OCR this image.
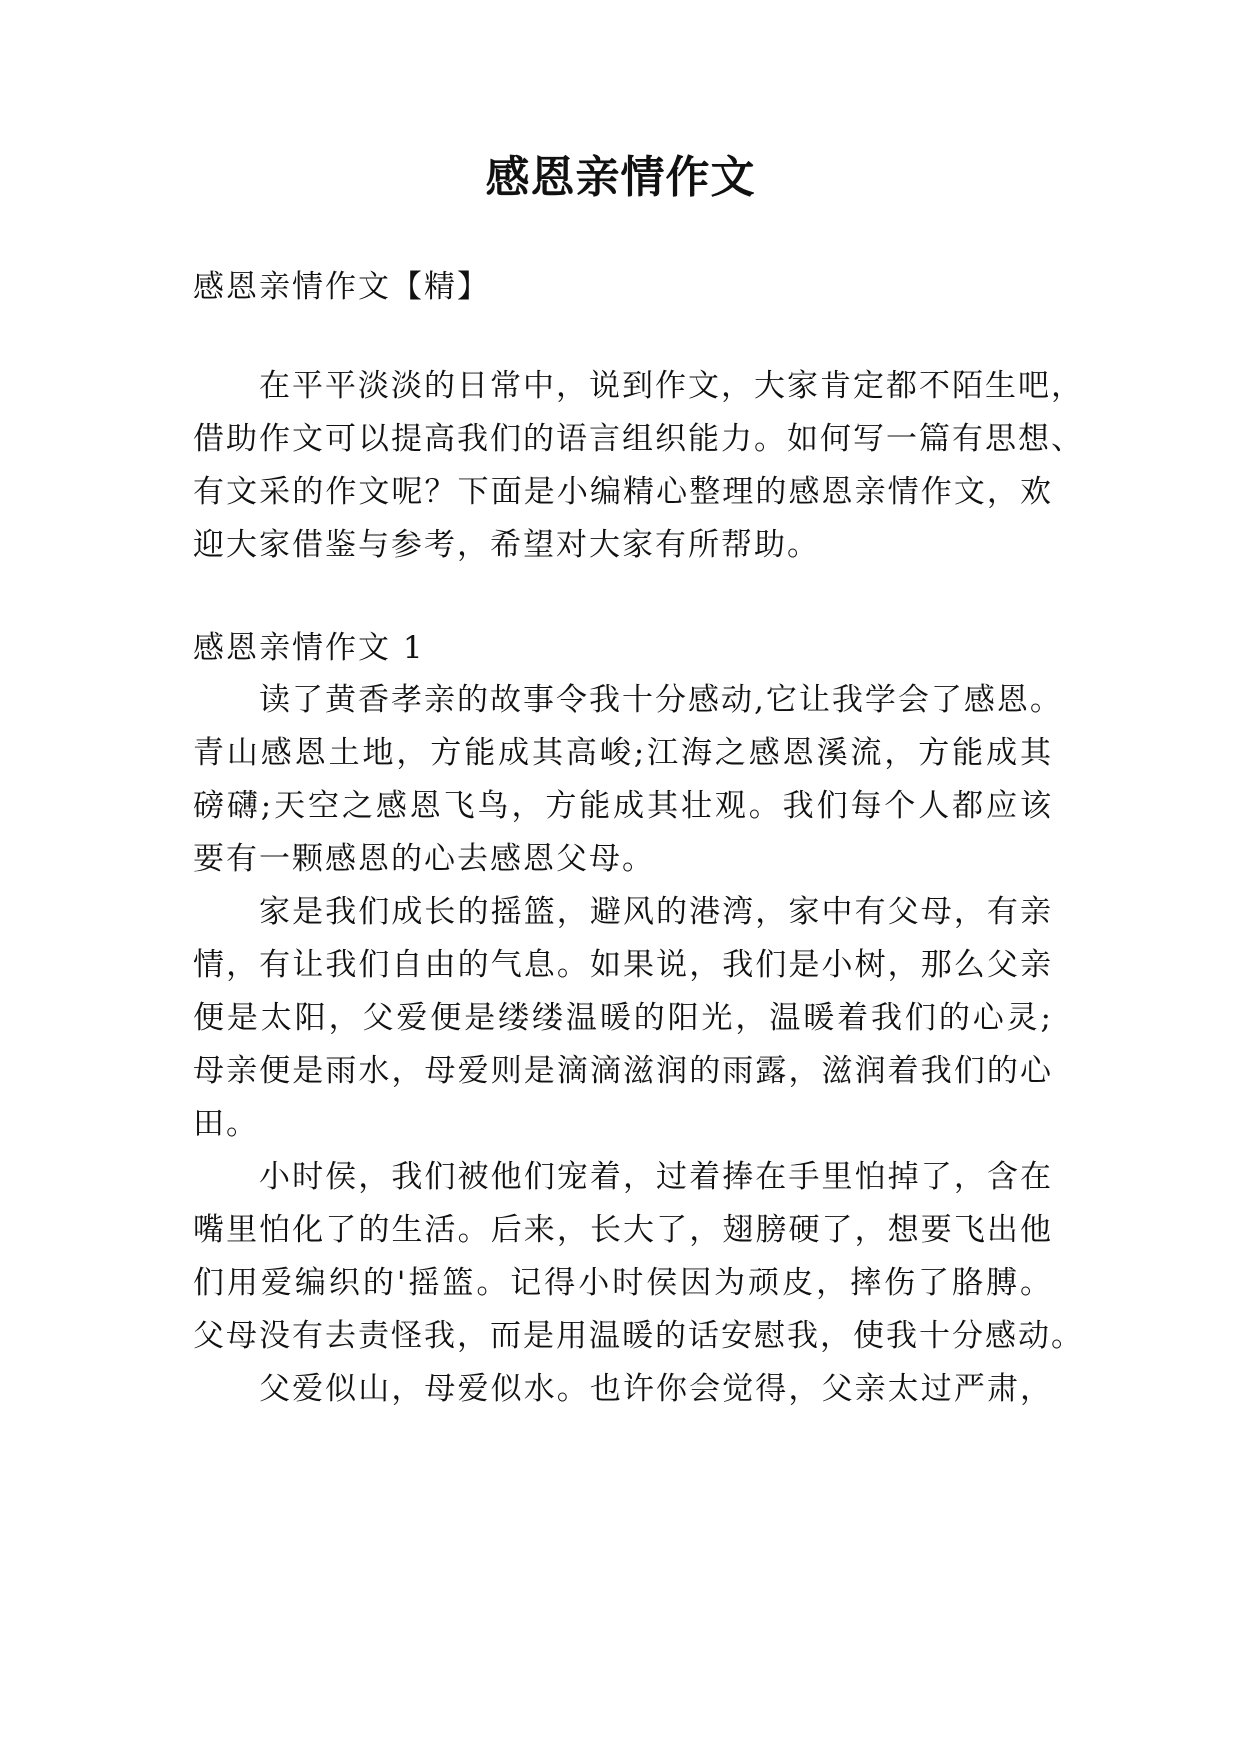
感恩亲情作文
感恩亲情作文【精】
在平平淡淡的日常中，说到作文，大家肯定都不陌生吧，
借助作文可以提高我们的语言组织能力。如何写一篇有思想、
有文采的作文呢？下面是小编精心整理的感恩亲情作文，欢
迎大家借鉴与参考，希望对大家有所帮助。
感恩亲情作文 1
读了黄香孝亲的故事令我十分感动,它让我学会了感恩。
青山感恩土地，方能成其高峻;江海之感恩溪流，方能成其
磅礴;天空之感恩飞鸟，方能成其壮观。我们每个人都应该
要有一颗感恩的心去感恩父母。
家是我们成长的摇篮，避风的港湾，家中有父母，有亲
情，有让我们自由的气息。如果说，我们是小树，那么父亲
便是太阳，父爱便是缕缕温暖的阳光，温暖着我们的心灵;
母亲便是雨水，母爱则是滴滴滋润的雨露，滋润着我们的心
田。
小时侯，我们被他们宠着，过着捧在手里怕掉了，含在
嘴里怕化了的生活。后来，长大了，翅膀硬了，想要飞出他
们用爱编织的'摇篮。记得小时侯因为顽皮，摔伤了胳膊。
父母没有去责怪我，而是用温暖的话安慰我，使我十分感动。
父爱似山，母爱似水。也许你会觉得，父亲太过严肃，
